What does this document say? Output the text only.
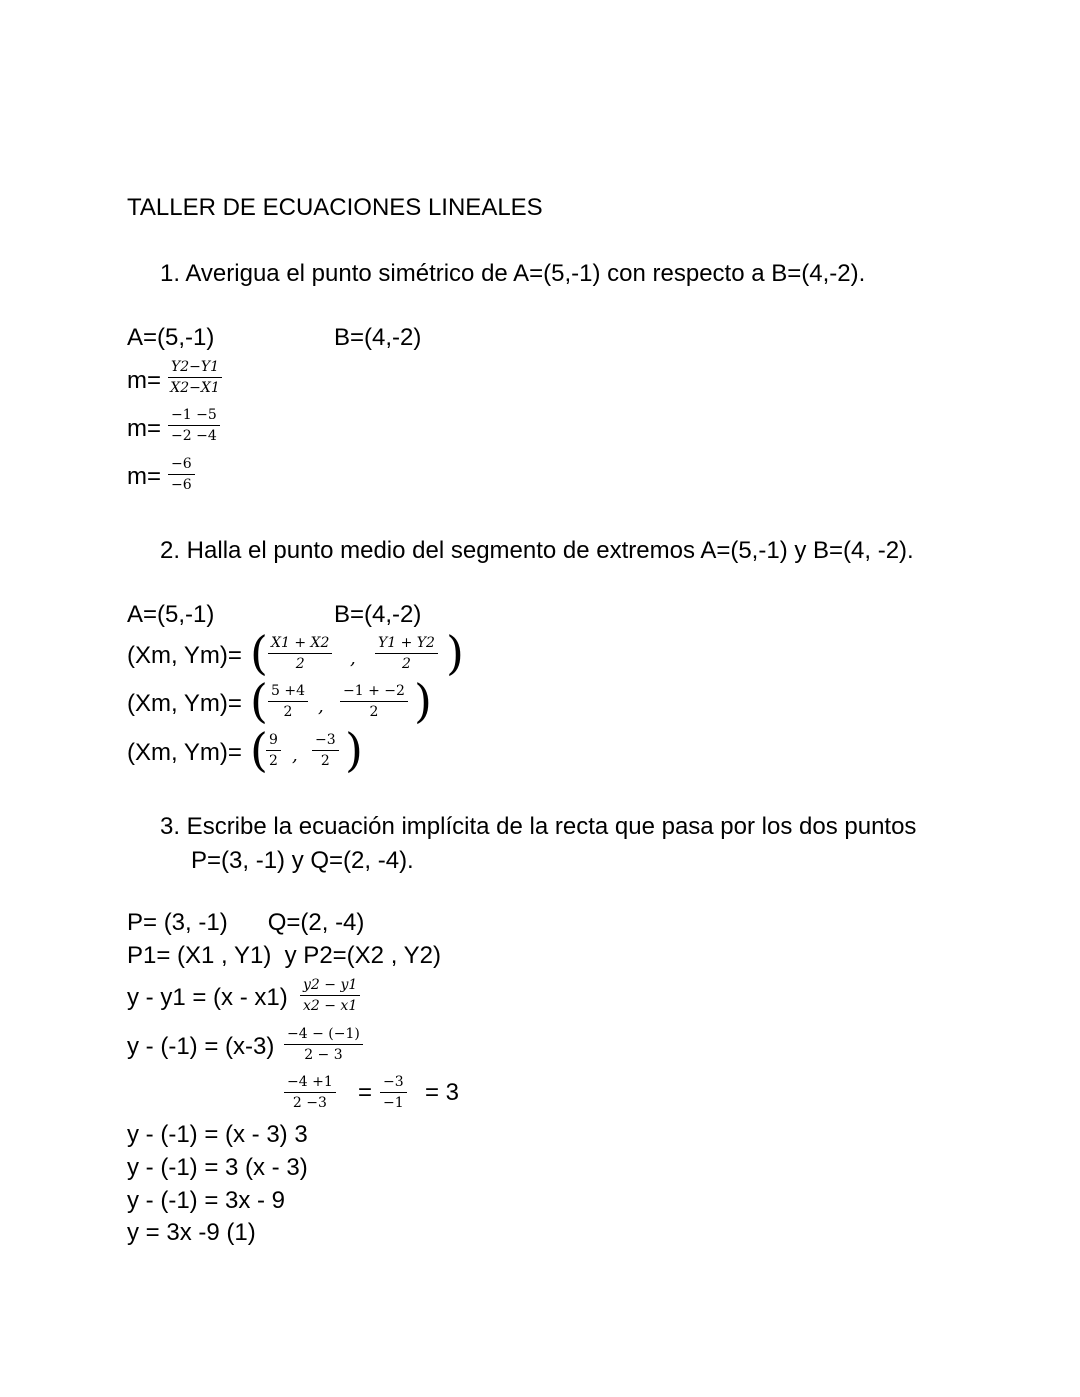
TALLER DE ECUACIONES LINEALES
1. Averigua el punto simétrico de A=(5,-1) con respecto a B=(4,-2).
A=(5,-1)	B=(4,-2)
$m= \frac{Y2-Y1}{X2-X1}$
$m= \frac{-1 -5}{-2 -4}$
$m= \frac{-6}{-6}$
2. Halla el punto medio del segmento de extremos A=(5,-1) y B=(4, -2).
A=(5,-1)	B=(4,-2)
(Xm, Ym)= ( $\frac{X1 + X2}{2}$ , $\frac{Y1 + Y2}{2}$ )
(Xm, Ym)= ( $\frac{5 +4}{2}$ , $\frac{-1 + -2}{2}$ )
(Xm, Ym)= (
$\frac{9}{2}$ , $\frac{-3}{2}$ )
3. Escribe la ecuación implícita de la recta que pasa por los dos puntos
P=(3, -1) y Q=(2, -4).
P= (3, -1)      Q=(2, -4)
P1= (X1 , Y1)  y P2=(X2 , Y2)
$y - y1 = (x - x1) \frac{y2 - y1}{x2 - x1}$
$y - (-1) = (x-3) \frac{-4 - (-1)}{2 - 3}$
$\frac{-4 +1}{2 -3} = \frac{-3}{-1} = 3$
y - (-1) = (x - 3) 3
y - (-1) = 3 (x - 3)
y - (-1) = 3x - 9
y = 3x -9 (1)
